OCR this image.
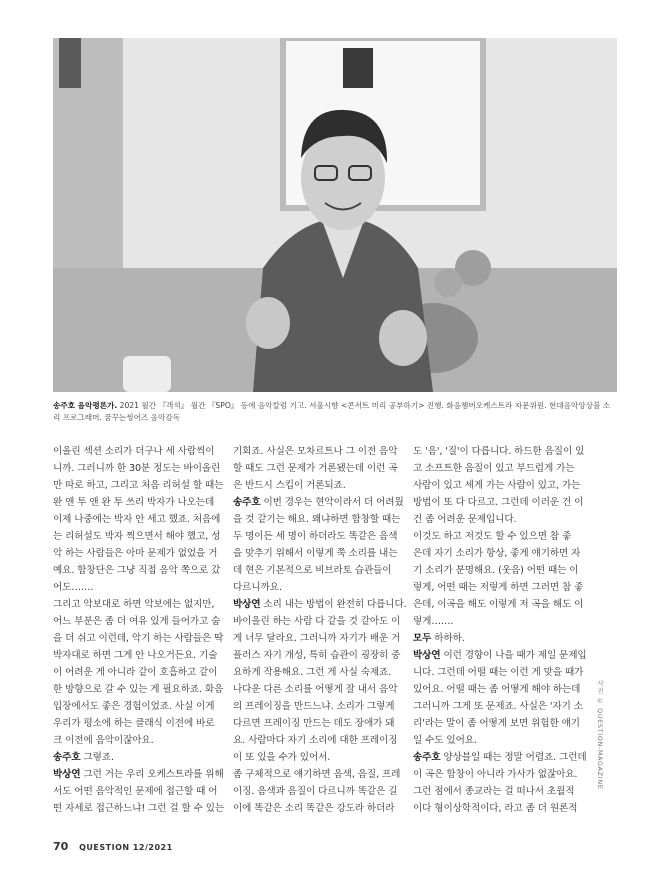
송주호 음악평론가. 2021 월간 『객석』 월간 『SPO』 등에 음악칼럼 기고. 서울시향 <콘서트 미리 공부하기> 진행. 화음챔버오케스트라 자문위원. 현대음악앙상블 소
리 프로그래머. 꿈꾸는씽어즈 음악감독
이올린 섹션 소리가 더구나 세 사람씩이
니까. 그러니까 한 30분 정도는 바이올린
만 따로 하고, 그리고 처음 리허설 할 때는
완 앤 투 앤 완 투 쓰리 박자가 나오는데
이제 나중에는 박자 안 세고 했죠. 처음에
는 리허설도 박자 찍으면서 해야 했고, 성
악 하는 사람들은 아마 문제가 없었을 거
예요. 합창단은 그냥 직접 음악 쪽으로 갔
어도…….
그리고 악보대로 하면 악보에는 없지만,
어느 부분은 좀 더 여유 있게 들어가고 숨
을 더 쉬고 이런데, 악기 하는 사람들은 딱
박자대로 하면 그게 안 나오거든요. 기술
이 어려운 게 아니라 같이 호흡하고 같이
한 방향으로 갈 수 있는 게 필요하죠. 화음
입장에서도 좋은 경험이었죠. 사실 이게
우리가 평소에 하는 클래식 이전에 바로
크 이전에 음악이잖아요.
송주호 그렇죠.
박상연 그런 거는 우리 오케스트라를 위해
서도 어떤 음악적인 문제에 접근할 때 어
떤 자세로 접근하느냐! 그런 걸 할 수 있는
기회죠. 사실은 모차르트나 그 이전 음악
할 때도 그런 문제가 거론됐는데 이런 곡
은 반드시 스킵이 거론되죠.
송주호 이번 경우는 현악이라서 더 어려웠
을 것 같기는 해요. 왜냐하면 합창할 때는
두 명이든 세 명이 하더라도 똑같은 음색
을 맞추기 위해서 이렇게 쭉 소리를 내는
데 현은 기본적으로 비브라토 습관들이
다르니까요.
박상연 소리 내는 방법이 완전히 다릅니다.
바이올린 하는 사람 다 같을 것 같아도 이
게 너무 달라요. 그러니까 자기가 배운 거
플러스 자기 개성, 특히 습관이 굉장히 중
요하게 작용해요. 그런 게 사실 숙제죠.
나다운 다른 소리를 어떻게 잘 내서 음악
의 프레이징을 만드느냐. 소리가 그렇게
다르면 프레이징 만드는 데도 장애가 돼
요. 사람마다 자기 소리에 대한 프레이징
이 또 있을 수가 있어서.
좀 구체적으로 얘기하면 음색, 음질, 프레
이징. 음색과 음질이 다르니까 똑같은 길
이에 똑같은 소리 똑같은 강도라 하더라
도 '음', '질'이 다릅니다. 하드한 음질이 있
고 소프트한 음질이 있고 부드럽게 가는
사람이 있고 세게 가는 사람이 있고, 가는
방법이 또 다 다르고. 그런데 이러운 건 이
건 좀 어려운 문제입니다.
이것도 하고 저것도 할 수 있으면 참 좋
은데 자기 소리가 항상, 좋게 얘기하면 자
기 소리가 분명해요. (웃음) 어떤 때는 이
렇게, 어떤 때는 저렇게 하면 그러면 참 좋
은데, 이곡을 해도 이렇게 저 곡을 해도 이
렇게…….
모두 하하하.
박상연 이런 경향이 나을 때가 제일 문제입
니다. 그런데 어떨 때는 이런 게 맞을 때가
있어요. 어떨 때는 좀 어떻게 해야 하는데
그러니까 그게 또 문제죠. 사실은 '자기 소
리'라는 말이 좀 어떻게 보면 위험한 얘기
일 수도 있어요.
송주호 양상블일 때는 정말 어렵죠. 그런데
이 곡은 합창이 아니라 가사가 없잖아요.
그런 점에서 종교라는 걸 떠나서 초월적
이다 형이상학적이다, 라고 좀 더 원론적
사진 © QUESTION-MAGAZINE
70 QUESTION 12/2021
